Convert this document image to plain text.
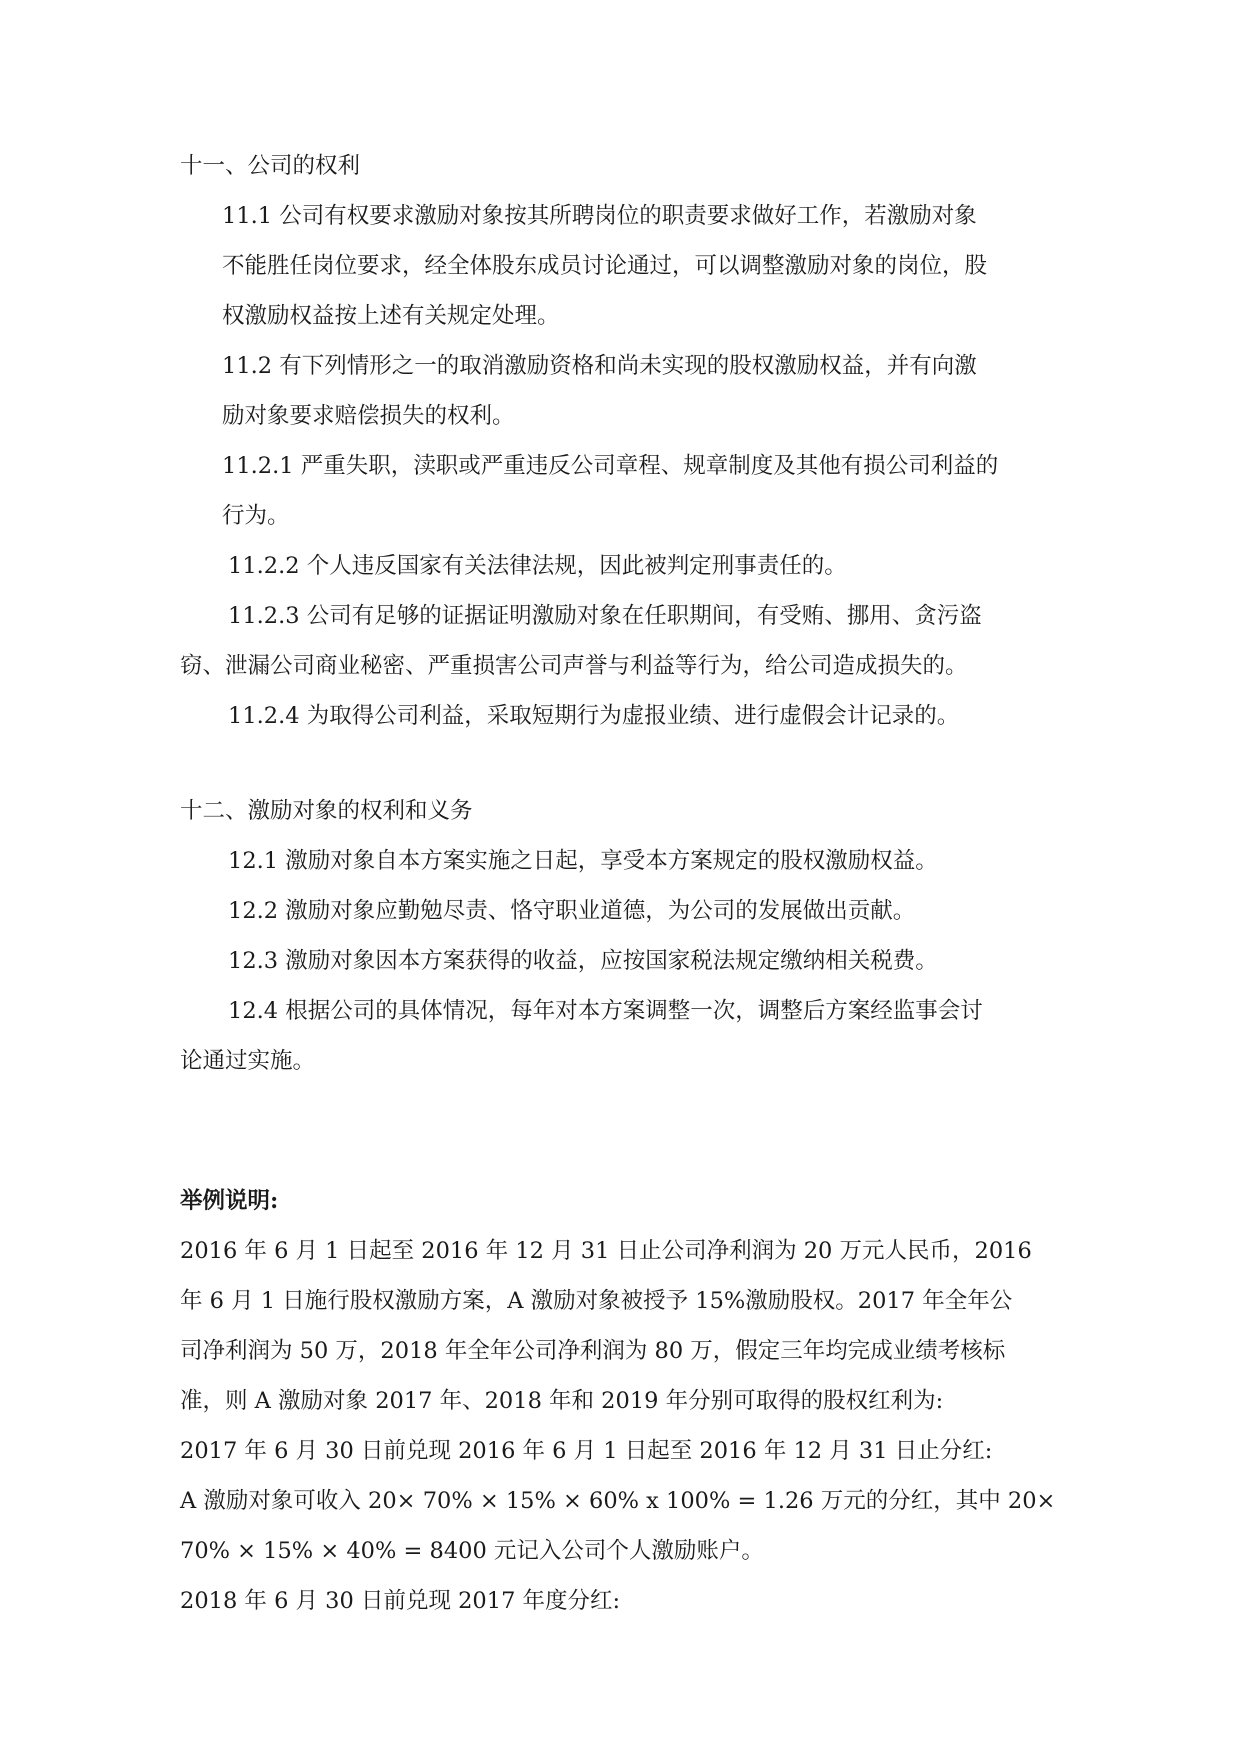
十一、公司的权利
11.1 公司有权要求激励对象按其所聘岗位的职责要求做好工作，若激励对象
不能胜任岗位要求，经全体股东成员讨论通过，可以调整激励对象的岗位，股
权激励权益按上述有关规定处理。
11.2 有下列情形之一的取消激励资格和尚未实现的股权激励权益，并有向激
励对象要求赔偿损失的权利。
11.2.1 严重失职，渎职或严重违反公司章程、规章制度及其他有损公司利益的
行为。
11.2.2 个人违反国家有关法律法规，因此被判定刑事责任的。
11.2.3 公司有足够的证据证明激励对象在任职期间，有受贿、挪用、贪污盗
窃、泄漏公司商业秘密、严重损害公司声誉与利益等行为，给公司造成损失的。
11.2.4 为取得公司利益，采取短期行为虚报业绩、进行虚假会计记录的。
十二、激励对象的权利和义务
12.1 激励对象自本方案实施之日起，享受本方案规定的股权激励权益。
12.2 激励对象应勤勉尽责、恪守职业道德，为公司的发展做出贡献。
12.3 激励对象因本方案获得的收益，应按国家税法规定缴纳相关税费。
12.4 根据公司的具体情况，每年对本方案调整一次，调整后方案经监事会讨
论通过实施。
举例说明:
2016 年 6 月 1 日起至 2016 年 12 月 31 日止公司净利润为 20 万元人民币，2016
年 6 月 1 日施行股权激励方案，A 激励对象被授予 15%激励股权。2017 年全年公
司净利润为 50 万，2018 年全年公司净利润为 80 万，假定三年均完成业绩考核标
准，则 A 激励对象 2017 年、2018 年和 2019 年分别可取得的股权红利为:
2017 年 6 月 30 日前兑现 2016 年 6 月 1 日起至 2016 年 12 月 31 日止分红:
A 激励对象可收入 20× 70% × 15% × 60% x 100% = 1.26 万元的分红，其中 20×
70% × 15% × 40% = 8400 元记入公司个人激励账户。
2018 年 6 月 30 日前兑现 2017 年度分红:
